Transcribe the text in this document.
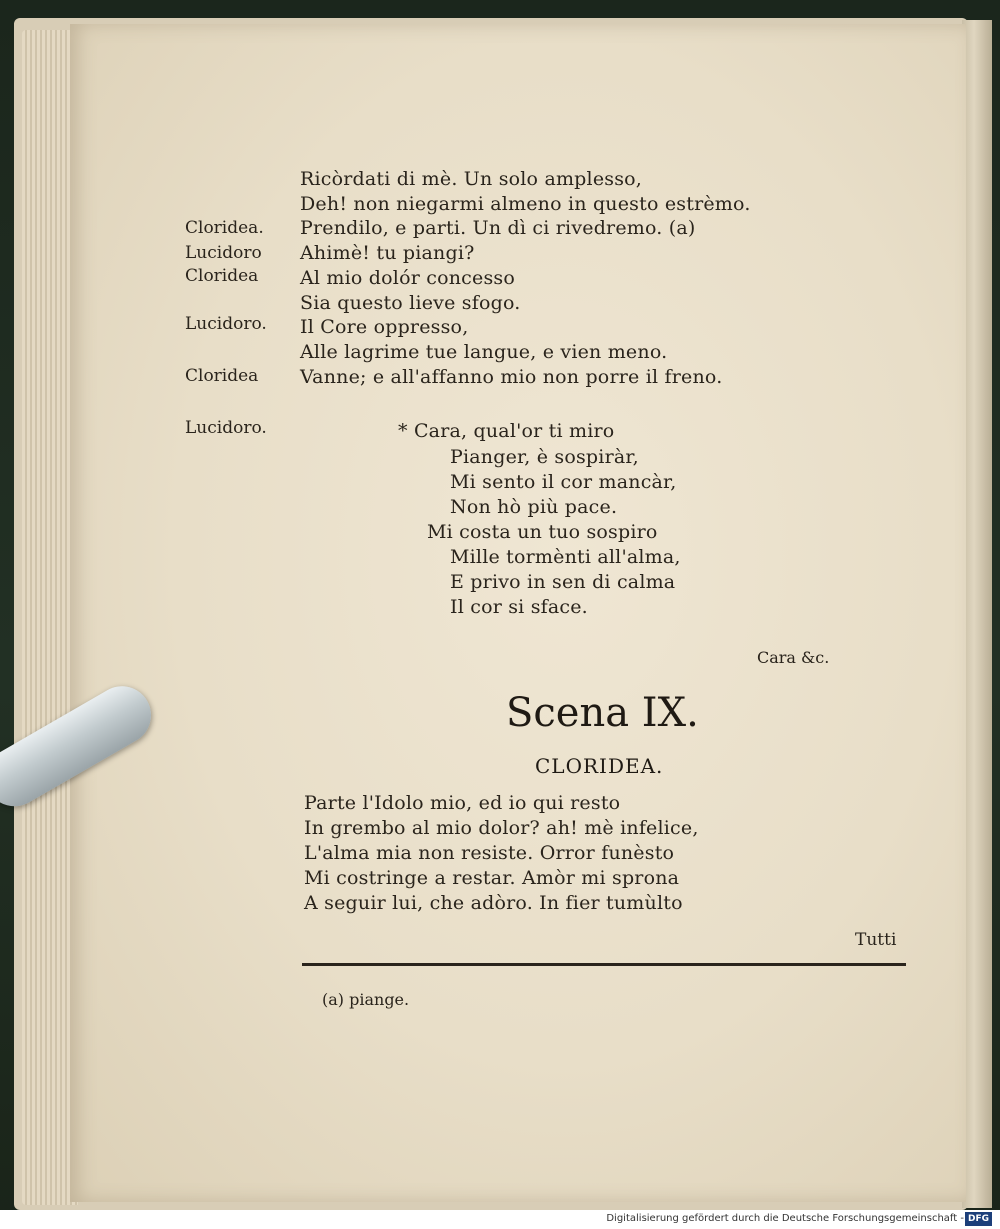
Ricòrdati di mè. Un solo amplesso,
Deh! non niegarmi almeno in questo estrèmo.
Cloridea. Prendilo, e parti. Un dì ci rivedremo. (a)
Lucidoro Ahimè! tu piangi?
Cloridea Al mio dolór concesso
Sia questo lieve sfogo.
Lucidoro. Il Core oppresso,
Alle lagrime tue langue, e vien meno.
Cloridea Vanne; e all'affanno mio non porre il freno.
Lucidoro.	* Cara, qual'or ti miro
Pianger, è sospiràr,
Mi sento il cor mancàr,
Non hò più pace.
Mi costa un tuo sospiro
Mille tormènti all'alma,
E privo in sen di calma
Il cor si sface.
Cara &c.
Scena IX.
CLORIDEA.
Parte l'Idolo mio, ed io qui resto
In grembo al mio dolor? ah! mè infelice,
L'alma mia non resiste. Orror funèsto
Mi costringe a restar. Amòr mi sprona
A seguir lui, che adòro. In fier tumùlto
Tutti
(a) piange.
Digitalisierung gefördert durch die Deutsche Forschungsgemeinschaft - DFG
